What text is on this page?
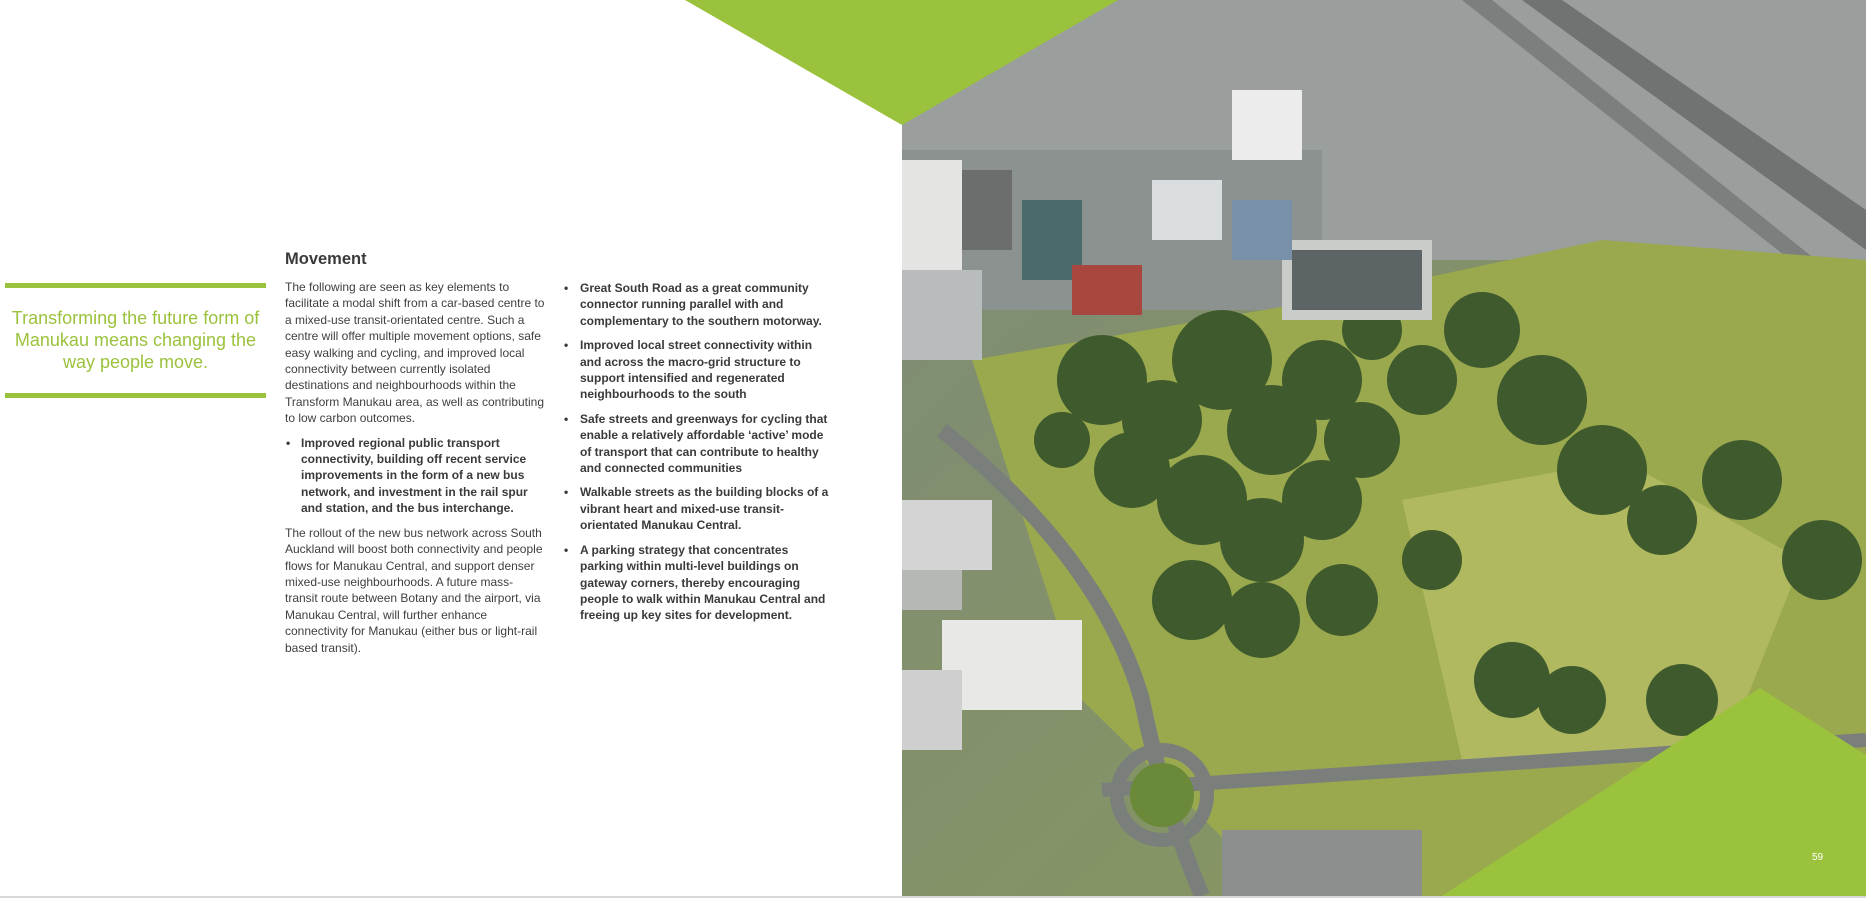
Transforming the future form of Manukau means changing the way people move.
Movement

The following are seen as key elements to facilitate a modal shift from a car-based centre to a mixed-use transit-orientated centre. Such a centre will offer multiple movement options, safe easy walking and cycling, and improved local connectivity between currently isolated destinations and neighbourhoods within the Transform Manukau area, as well as contributing to low carbon outcomes.

• Improved regional public transport connectivity, building off recent service improvements in the form of a new bus network, and investment in the rail spur and station, and the bus interchange.

The rollout of the new bus network across South Auckland will boost both connectivity and people flows for Manukau Central, and support denser mixed-use neighbourhoods. A future mass-transit route between Botany and the airport, via Manukau Central, will further enhance connectivity for Manukau (either bus or light-rail based transit).

• Great South Road as a great community connector running parallel with and complementary to the southern motorway.
• Improved local street connectivity within and across the macro-grid structure to support intensified and regenerated neighbourhoods to the south
• Safe streets and greenways for cycling that enable a relatively affordable ‘active’ mode of transport that can contribute to healthy and connected communities
• Walkable streets as the building blocks of a vibrant heart and mixed-use transit-orientated Manukau Central.
• A parking strategy that concentrates parking within multi-level buildings on gateway corners, thereby encouraging people to walk within Manukau Central and freeing up key sites for development.
59
